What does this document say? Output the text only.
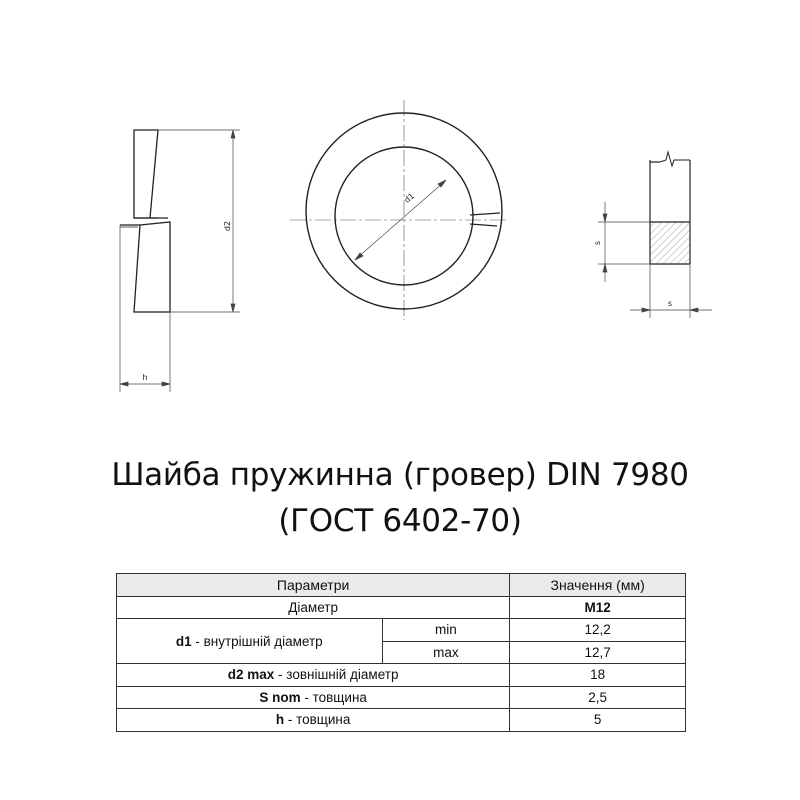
d2
h
d1
s
s
Шайба пружинна (гровер) DIN 7980
(ГОСТ 6402-70)
Параметри		Значення (мм)
Діаметр		M12
d1 - внутрішній діаметр	min	12,2
	max	12,7
d2 max - зовнішній діаметр		18
S nom - товщина		2,5
h - товщина		5
